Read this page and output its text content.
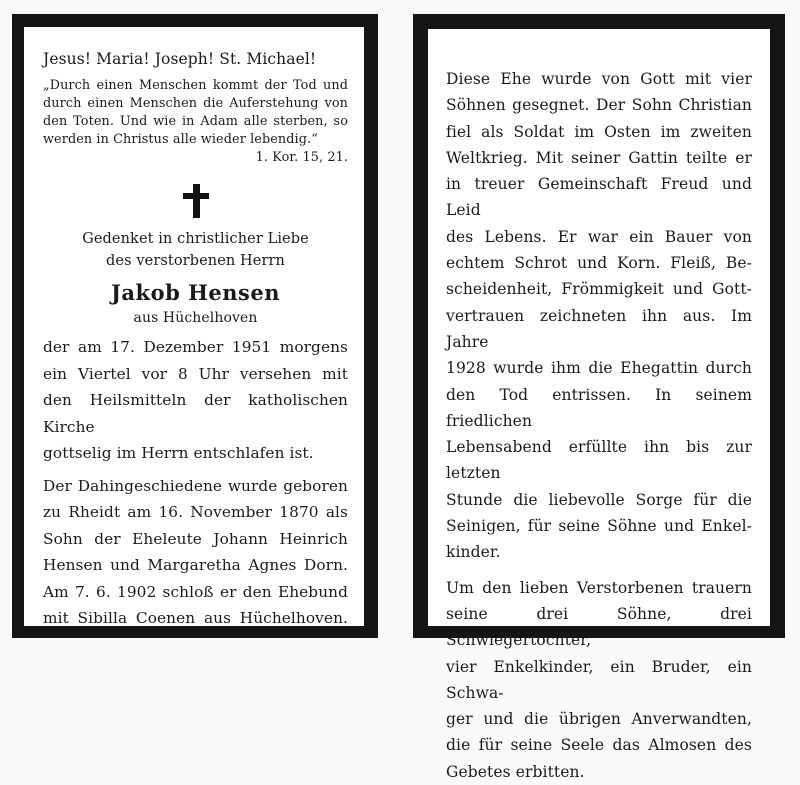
Jesus! Maria! Joseph! St. Michael!
„Durch einen Menschen kommt der Tod und
durch einen Menschen die Auferstehung von
den Toten. Und wie in Adam alle sterben, so
werden in Christus alle wieder lebendig.“
1. Kor. 15, 21.
Gedenket in christlicher Liebe
des verstorbenen Herrn
Jakob Hensen
aus Hüchelhoven
der am 17. Dezember 1951 morgens
ein Viertel vor 8 Uhr versehen mit
den Heilsmitteln der katholischen Kirche
gottselig im Herrn entschlafen ist.
Der Dahingeschiedene wurde geboren
zu Rheidt am 16. November 1870 als
Sohn der Eheleute Johann Heinrich
Hensen und Margaretha Agnes Dorn.
Am 7. 6. 1902 schloß er den Ehebund
mit Sibilla Coenen aus Hüchelhoven.
Diese Ehe wurde von Gott mit vier
Söhnen gesegnet. Der Sohn Christian
fiel als Soldat im Osten im zweiten
Weltkrieg. Mit seiner Gattin teilte er
in treuer Gemeinschaft Freud und Leid
des Lebens. Er war ein Bauer von
echtem Schrot und Korn. Fleiß, Be-
scheidenheit, Frömmigkeit und Gott-
vertrauen zeichneten ihn aus. Im Jahre
1928 wurde ihm die Ehegattin durch
den Tod entrissen. In seinem friedlichen
Lebensabend erfüllte ihn bis zur letzten
Stunde die liebevolle Sorge für die
Seinigen, für seine Söhne und Enkel-
kinder.
Um den lieben Verstorbenen trauern
seine drei Söhne, drei Schwiegertöchter,
vier Enkelkinder, ein Bruder, ein Schwa-
ger und die übrigen Anverwandten,
die für seine Seele das Almosen des
Gebetes erbitten.
